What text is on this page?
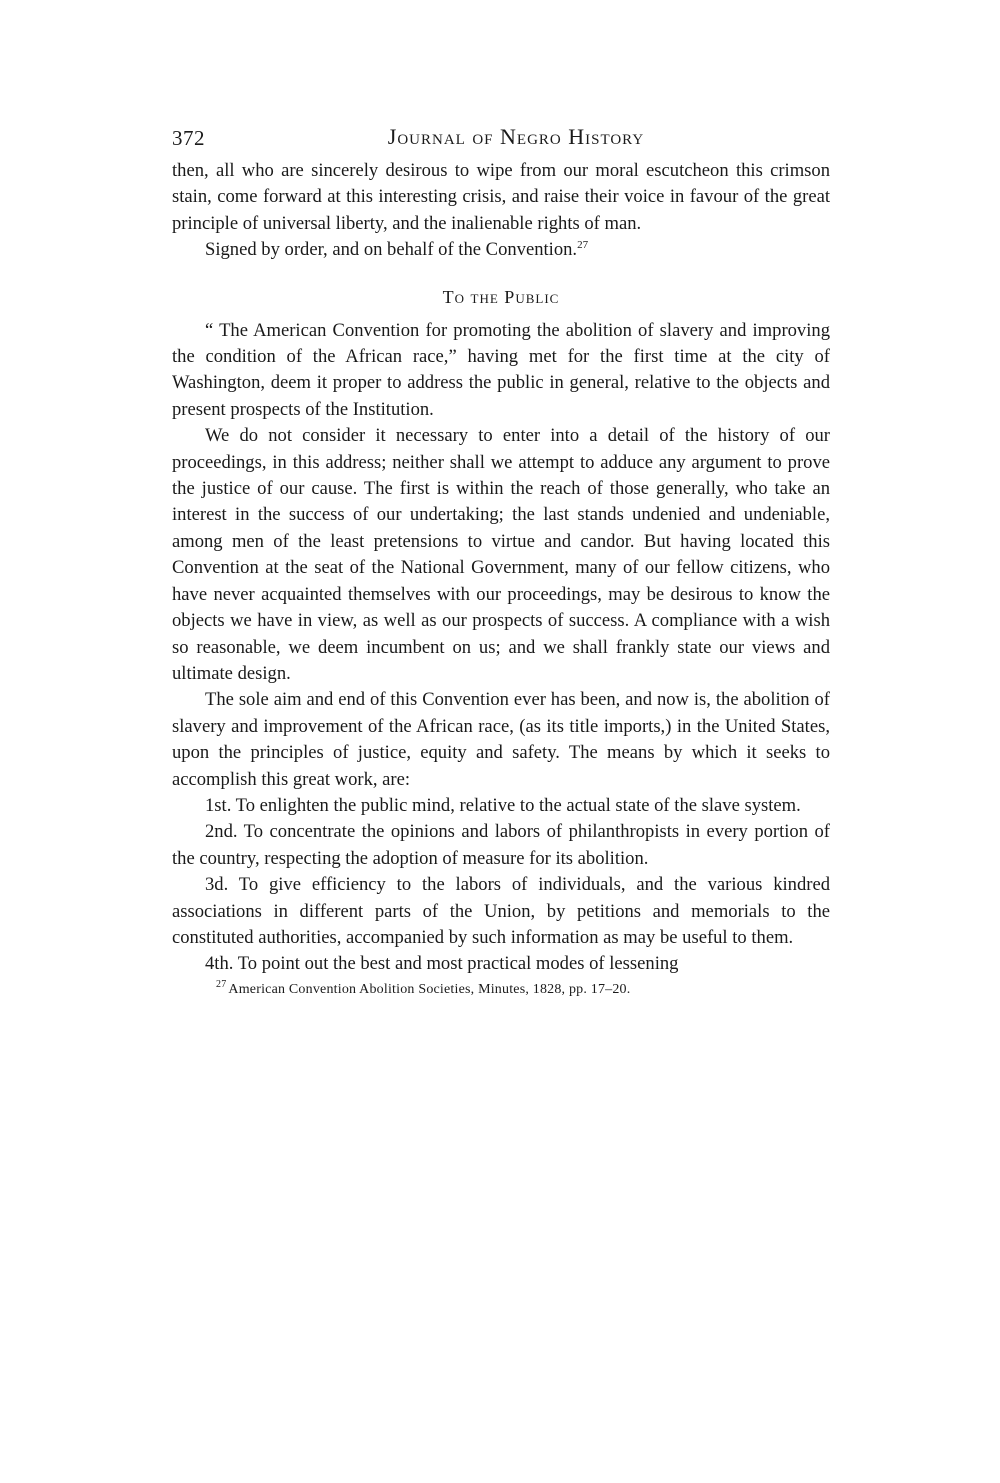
372	Journal of Negro History

then, all who are sincerely desirous to wipe from our moral escutcheon this crimson stain, come forward at this interesting crisis, and raise their voice in favour of the great principle of universal liberty, and the inalienable rights of man.

Signed by order, and on behalf of the Convention.$^{27}$

To the Public

“ The American Convention for promoting the abolition of slavery and improving the condition of the African race,” having met for the first time at the city of Washington, deem it proper to address the public in general, relative to the objects and present prospects of the Institution.

We do not consider it necessary to enter into a detail of the history of our proceedings, in this address; neither shall we attempt to adduce any argument to prove the justice of our cause. The first is within the reach of those generally, who take an interest in the success of our undertaking; the last stands undenied and undeniable, among men of the least pretensions to virtue and candor. But having located this Convention at the seat of the National Government, many of our fellow citizens, who have never acquainted themselves with our proceedings, may be desirous to know the objects we have in view, as well as our prospects of success. A compliance with a wish so reasonable, we deem incumbent on us; and we shall frankly state our views and ultimate design.

The sole aim and end of this Convention ever has been, and now is, the abolition of slavery and improvement of the African race, (as its title imports,) in the United States, upon the principles of justice, equity and safety. The means by which it seeks to accomplish this great work, are:

1st. To enlighten the public mind, relative to the actual state of the slave system.

2nd. To concentrate the opinions and labors of philanthropists in every portion of the country, respecting the adoption of measure for its abolition.

3d. To give efficiency to the labors of individuals, and the various kindred associations in different parts of the Union, by petitions and memorials to the constituted authorities, accompanied by such information as may be useful to them.

4th. To point out the best and most practical modes of lessening

$^{27}$ American Convention Abolition Societies, Minutes, 1828, pp. 17–20.
